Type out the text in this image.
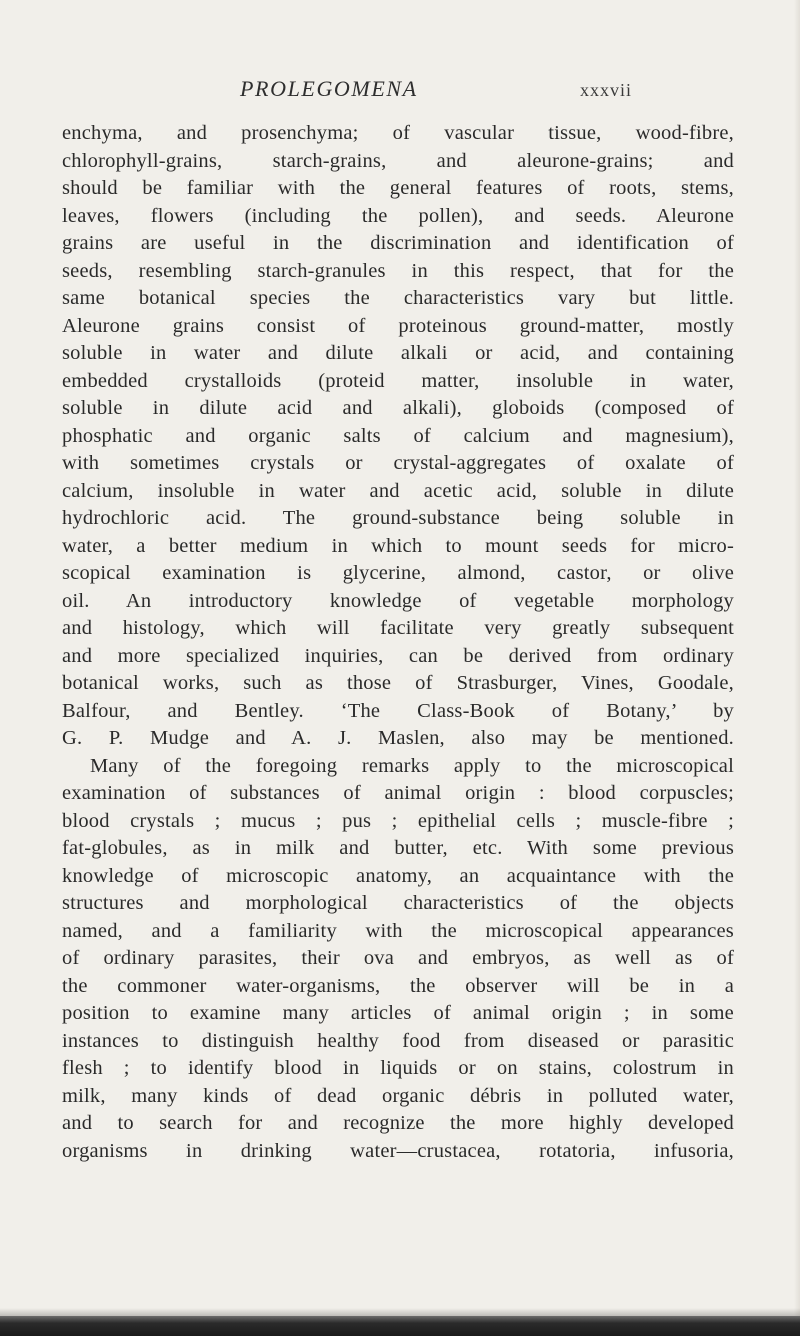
PROLEGOMENA	xxxvii
enchyma, and prosenchyma; of vascular tissue, wood-fibre,
chlorophyll-grains, starch-grains, and aleurone-grains; and
should be familiar with the general features of roots, stems,
leaves, flowers (including the pollen), and seeds. Aleurone
grains are useful in the discrimination and identification of
seeds, resembling starch-granules in this respect, that for the
same botanical species the characteristics vary but little.
Aleurone grains consist of proteinous ground-matter, mostly
soluble in water and dilute alkali or acid, and containing
embedded crystalloids (proteid matter, insoluble in water,
soluble in dilute acid and alkali), globoids (composed of
phosphatic and organic salts of calcium and magnesium),
with sometimes crystals or crystal-aggregates of oxalate of
calcium, insoluble in water and acetic acid, soluble in dilute
hydrochloric acid. The ground-substance being soluble in
water, a better medium in which to mount seeds for micro-
scopical examination is glycerine, almond, castor, or olive
oil. An introductory knowledge of vegetable morphology
and histology, which will facilitate very greatly subsequent
and more specialized inquiries, can be derived from ordinary
botanical works, such as those of Strasburger, Vines, Goodale,
Balfour, and Bentley. ‘The Class-Book of Botany,’ by
G. P. Mudge and A. J. Maslen, also may be mentioned.
Many of the foregoing remarks apply to the microscopical
examination of substances of animal origin : blood corpuscles;
blood crystals ; mucus ; pus ; epithelial cells ; muscle-fibre ;
fat-globules, as in milk and butter, etc. With some previous
knowledge of microscopic anatomy, an acquaintance with the
structures and morphological characteristics of the objects
named, and a familiarity with the microscopical appearances
of ordinary parasites, their ova and embryos, as well as of
the commoner water-organisms, the observer will be in a
position to examine many articles of animal origin ; in some
instances to distinguish healthy food from diseased or parasitic
flesh ; to identify blood in liquids or on stains, colostrum in
milk, many kinds of dead organic débris in polluted water,
and to search for and recognize the more highly developed
organisms in drinking water—crustacea, rotatoria, infusoria,
